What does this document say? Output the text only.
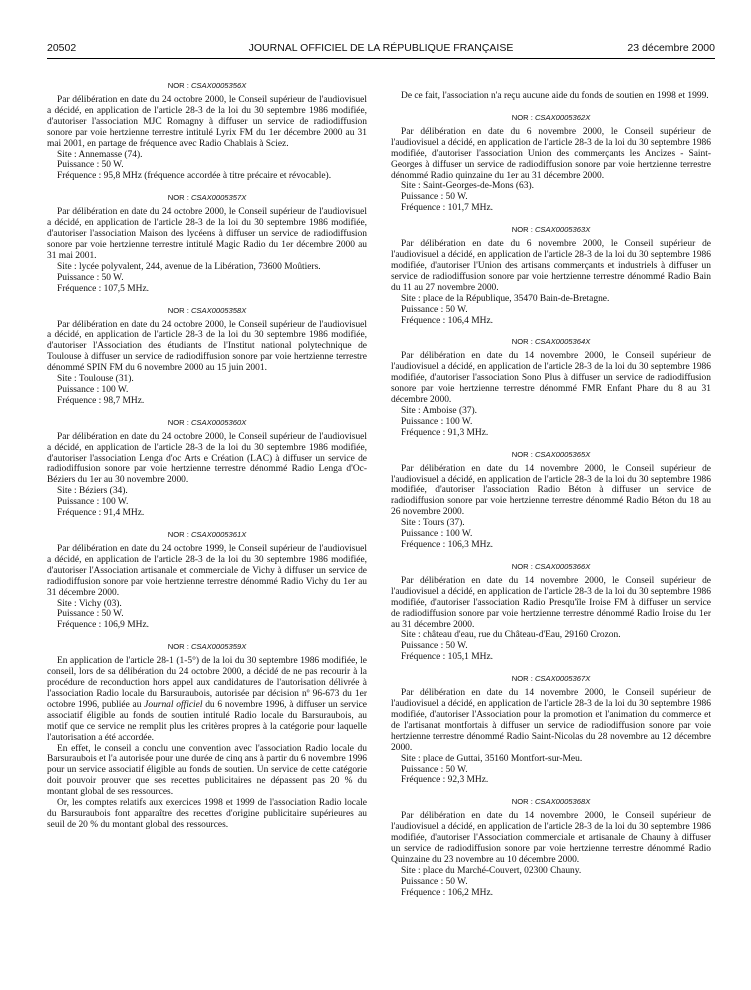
20502	JOURNAL OFFICIEL DE LA RÉPUBLIQUE FRANÇAISE	23 décembre 2000
NOR : CSAX0005356X

Par délibération en date du 24 octobre 2000, le Conseil supérieur de l'audiovisuel a décidé, en application de l'article 28-3 de la loi du 30 septembre 1986 modifiée, d'autoriser l'association MJC Romagny à diffuser un service de radiodiffusion sonore par voie hertzienne terrestre intitulé Lyrix FM du 1er décembre 2000 au 31 mai 2001, en partage de fréquence avec Radio Chablais à Sciez.

Site : Annemasse (74).

Puissance : 50 W.

Fréquence : 95,8 MHz (fréquence accordée à titre précaire et révocable).

NOR : CSAX0005357X

Par délibération en date du 24 octobre 2000, le Conseil supérieur de l'audiovisuel a décidé, en application de l'article 28-3 de la loi du 30 septembre 1986 modifiée, d'autoriser l'association Maison des lycéens à diffuser un service de radiodiffusion sonore par voie hertzienne terrestre intitulé Magic Radio du 1er décembre 2000 au 31 mai 2001.

Site : lycée polyvalent, 244, avenue de la Libération, 73600 Moûtiers.

Puissance : 50 W.

Fréquence : 107,5 MHz.

NOR : CSAX0005358X

Par délibération en date du 24 octobre 2000, le Conseil supérieur de l'audiovisuel a décidé, en application de l'article 28-3 de la loi du 30 septembre 1986 modifiée, d'autoriser l'Association des étudiants de l'Institut national polytechnique de Toulouse à diffuser un service de radiodiffusion sonore par voie hertzienne terrestre dénommé SPIN FM du 6 novembre 2000 au 15 juin 2001.

Site : Toulouse (31).

Puissance : 100 W.

Fréquence : 98,7 MHz.

NOR : CSAX0005360X

Par délibération en date du 24 octobre 2000, le Conseil supérieur de l'audiovisuel a décidé, en application de l'article 28-3 de la loi du 30 septembre 1986 modifiée, d'autoriser l'association Lenga d'oc Arts e Création (LAC) à diffuser un service de radiodiffusion sonore par voie hertzienne terrestre dénommé Radio Lenga d'Oc-Béziers du 1er au 30 novembre 2000.

Site : Béziers (34).

Puissance : 100 W.

Fréquence : 91,4 MHz.

NOR : CSAX0005361X

Par délibération en date du 24 octobre 1999, le Conseil supérieur de l'audiovisuel a décidé, en application de l'article 28-3 de la loi du 30 septembre 1986 modifiée, d'autoriser l'Association artisanale et commerciale de Vichy à diffuser un service de radiodiffusion sonore par voie hertzienne terrestre dénommé Radio Vichy du 1er au 31 décembre 2000.

Site : Vichy (03).

Puissance : 50 W.

Fréquence : 106,9 MHz.

NOR : CSAX0005359X

En application de l'article 28-1 (1-5°) de la loi du 30 septembre 1986 modifiée, le conseil, lors de sa délibération du 24 octobre 2000, a décidé de ne pas recourir à la procédure de reconduction hors appel aux candidatures de l'autorisation délivrée à l'association Radio locale du Barsuraubois, autorisée par décision nº 96-673 du 1er octobre 1996, publiée au Journal officiel du 6 novembre 1996, à diffuser un service associatif éligible au fonds de soutien intitulé Radio locale du Barsuraubois, au motif que ce service ne remplit plus les critères propres à la catégorie pour laquelle l'autorisation a été accordée.

En effet, le conseil a conclu une convention avec l'association Radio locale du Barsuraubois et l'a autorisée pour une durée de cinq ans à partir du 6 novembre 1996 pour un service associatif éligible au fonds de soutien. Un service de cette catégorie doit pouvoir prouver que ses recettes publicitaires ne dépassent pas 20 % du montant global de ses ressources.

Or, les comptes relatifs aux exercices 1998 et 1999 de l'association Radio locale du Barsuraubois font apparaître des recettes d'origine publicitaire supérieures au seuil de 20 % du montant global des ressources.

De ce fait, l'association n'a reçu aucune aide du fonds de soutien en 1998 et 1999.

NOR : CSAX0005362X

Par délibération en date du 6 novembre 2000, le Conseil supérieur de l'audiovisuel a décidé, en application de l'article 28-3 de la loi du 30 septembre 1986 modifiée, d'autoriser l'association Union des commerçants les Ancizes - Saint-Georges à diffuser un service de radiodiffusion sonore par voie hertzienne terrestre dénommé Radio quinzaine du 1er au 31 décembre 2000.

Site : Saint-Georges-de-Mons (63).

Puissance : 50 W.

Fréquence : 101,7 MHz.

NOR : CSAX0005363X

Par délibération en date du 6 novembre 2000, le Conseil supérieur de l'audiovisuel a décidé, en application de l'article 28-3 de la loi du 30 septembre 1986 modifiée, d'autoriser l'Union des artisans commerçants et industriels à diffuser un service de radiodiffusion sonore par voie hertzienne terrestre dénommé Radio Bain du 11 au 27 novembre 2000.

Site : place de la République, 35470 Bain-de-Bretagne.

Puissance : 50 W.

Fréquence : 106,4 MHz.

NOR : CSAX0005364X

Par délibération en date du 14 novembre 2000, le Conseil supérieur de l'audiovisuel a décidé, en application de l'article 28-3 de la loi du 30 septembre 1986 modifiée, d'autoriser l'association Sono Plus à diffuser un service de radiodiffusion sonore par voie hertzienne terrestre dénommé FMR Enfant Phare du 8 au 31 décembre 2000.

Site : Amboise (37).

Puissance : 100 W.

Fréquence : 91,3 MHz.

NOR : CSAX0005365X

Par délibération en date du 14 novembre 2000, le Conseil supérieur de l'audiovisuel a décidé, en application de l'article 28-3 de la loi du 30 septembre 1986 modifiée, d'autoriser l'association Radio Béton à diffuser un service de radiodiffusion sonore par voie hertzienne terrestre dénommé Radio Béton du 18 au 26 novembre 2000.

Site : Tours (37).

Puissance : 100 W.

Fréquence : 106,3 MHz.

NOR : CSAX0005366X

Par délibération en date du 14 novembre 2000, le Conseil supérieur de l'audiovisuel a décidé, en application de l'article 28-3 de la loi du 30 septembre 1986 modifiée, d'autoriser l'association Radio Presqu'île Iroise FM à diffuser un service de radiodiffusion sonore par voie hertzienne terrestre dénommé Radio Iroise du 1er au 31 décembre 2000.

Site : château d'eau, rue du Château-d'Eau, 29160 Crozon.

Puissance : 50 W.

Fréquence : 105,1 MHz.

NOR : CSAX0005367X

Par délibération en date du 14 novembre 2000, le Conseil supérieur de l'audiovisuel a décidé, en application de l'article 28-3 de la loi du 30 septembre 1986 modifiée, d'autoriser l'Association pour la promotion et l'animation du commerce et de l'artisanat montfortais à diffuser un service de radiodiffusion sonore par voie hertzienne terrestre dénommé Radio Saint-Nicolas du 28 novembre au 12 décembre 2000.

Site : place de Guttai, 35160 Montfort-sur-Meu.

Puissance : 50 W.

Fréquence : 92,3 MHz.

NOR : CSAX0005368X

Par délibération en date du 14 novembre 2000, le Conseil supérieur de l'audiovisuel a décidé, en application de l'article 28-3 de la loi du 30 septembre 1986 modifiée, d'autoriser l'Association commerciale et artisanale de Chauny à diffuser un service de radiodiffusion sonore par voie hertzienne terrestre dénommé Radio Quinzaine du 23 novembre au 10 décembre 2000.

Site : place du Marché-Couvert, 02300 Chauny.

Puissance : 50 W.

Fréquence : 106,2 MHz.
